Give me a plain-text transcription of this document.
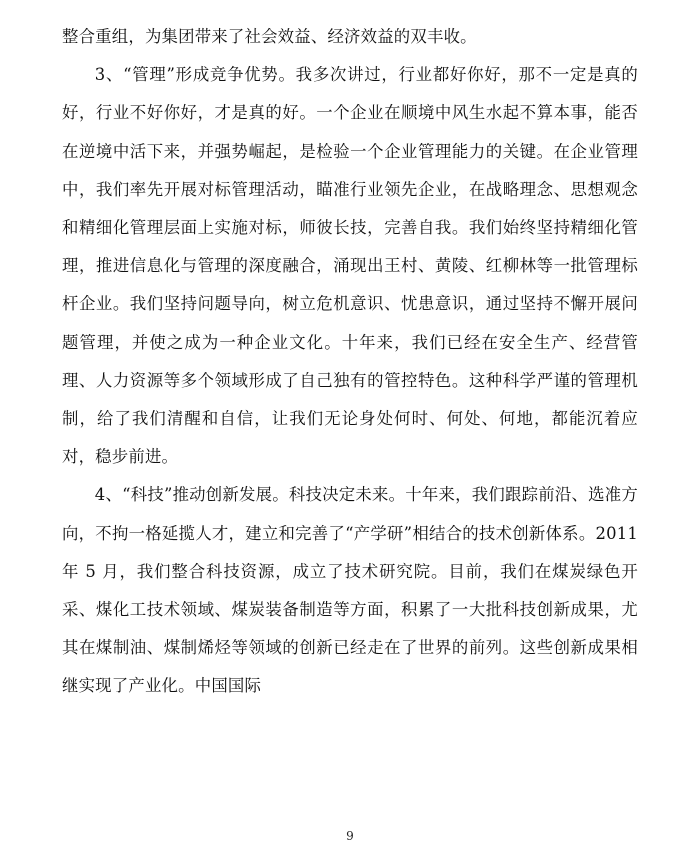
整合重组，为集团带来了社会效益、经济效益的双丰收。

3、“管理”形成竞争优势。我多次讲过，行业都好你好，那不一定是真的好，行业不好你好，才是真的好。一个企业在顺境中风生水起不算本事，能否在逆境中活下来，并强势崛起，是检验一个企业管理能力的关键。在企业管理中，我们率先开展对标管理活动，瞄准行业领先企业，在战略理念、思想观念和精细化管理层面上实施对标，师彼长技，完善自我。我们始终坚持精细化管理，推进信息化与管理的深度融合，涌现出王村、黄陵、红柳林等一批管理标杆企业。我们坚持问题导向，树立危机意识、忧患意识，通过坚持不懈开展问题管理，并使之成为一种企业文化。十年来，我们已经在安全生产、经营管理、人力资源等多个领域形成了自己独有的管控特色。这种科学严谨的管理机制，给了我们清醒和自信，让我们无论身处何时、何处、何地，都能沉着应对，稳步前进。

4、“科技”推动创新发展。科技决定未来。十年来，我们跟踪前沿、选准方向，不拘一格延揽人才，建立和完善了“产学研”相结合的技术创新体系。2011 年 5 月，我们整合科技资源，成立了技术研究院。目前，我们在煤炭绿色开采、煤化工技术领域、煤炭装备制造等方面，积累了一大批科技创新成果，尤其在煤制油、煤制烯烃等领域的创新已经走在了世界的前列。这些创新成果相继实现了产业化。中国国际

9
